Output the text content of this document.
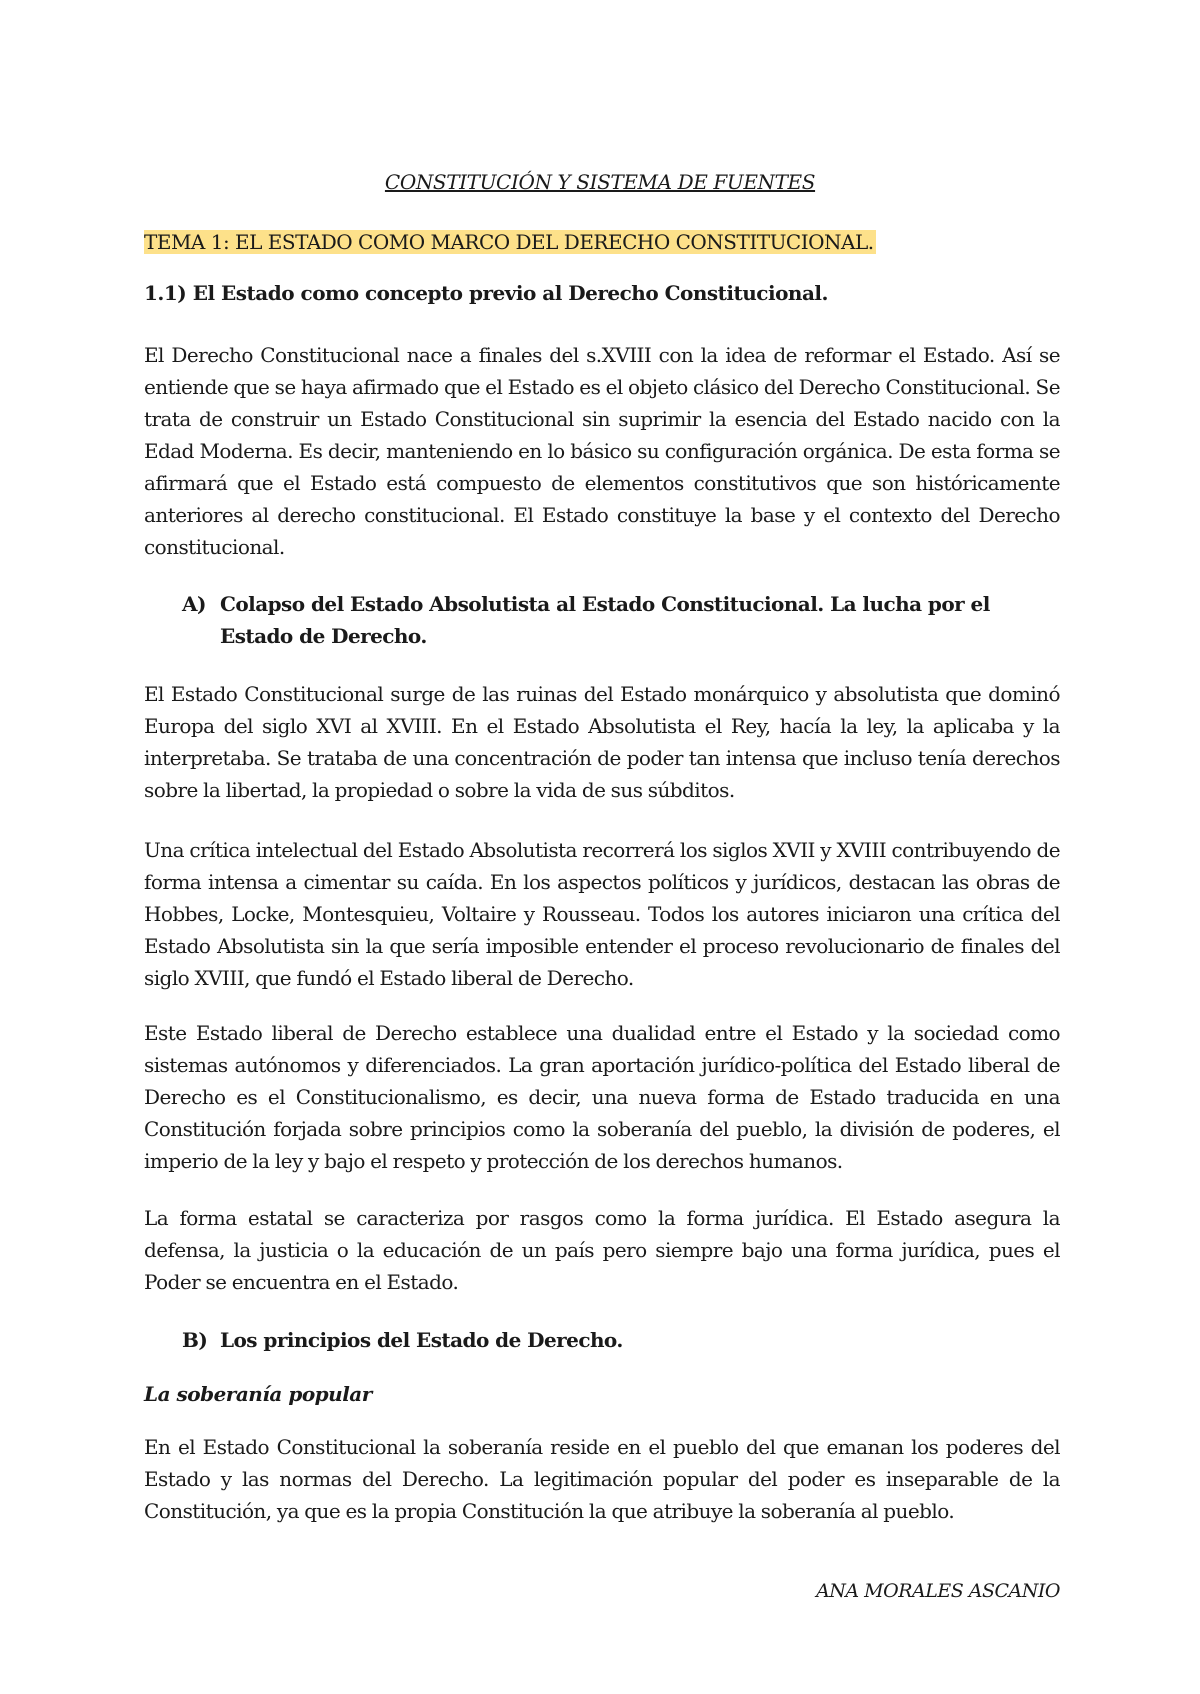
CONSTITUCIÓN Y SISTEMA DE FUENTES
TEMA 1: EL ESTADO COMO MARCO DEL DERECHO CONSTITUCIONAL.
1.1) El Estado como concepto previo al Derecho Constitucional.
El Derecho Constitucional nace a finales del s.XVIII con la idea de reformar el Estado. Así se entiende que se haya afirmado que el Estado es el objeto clásico del Derecho Constitucional. Se trata de construir un Estado Constitucional sin suprimir la esencia del Estado nacido con la Edad Moderna. Es decir, manteniendo en lo básico su configuración orgánica. De esta forma se afirmará que el Estado está compuesto de elementos constitutivos que son históricamente anteriores al derecho constitucional. El Estado constituye la base y el contexto del Derecho constitucional.
A) Colapso del Estado Absolutista al Estado Constitucional. La lucha por el Estado de Derecho.
El Estado Constitucional surge de las ruinas del Estado monárquico y absolutista que dominó Europa del siglo XVI al XVIII. En el Estado Absolutista el Rey, hacía la ley, la aplicaba y la interpretaba. Se trataba de una concentración de poder tan intensa que incluso tenía derechos sobre la libertad, la propiedad o sobre la vida de sus súbditos.
Una crítica intelectual del Estado Absolutista recorrerá los siglos XVII y XVIII contribuyendo de forma intensa a cimentar su caída. En los aspectos políticos y jurídicos, destacan las obras de Hobbes, Locke, Montesquieu, Voltaire y Rousseau. Todos los autores iniciaron una crítica del Estado Absolutista sin la que sería imposible entender el proceso revolucionario de finales del siglo XVIII, que fundó el Estado liberal de Derecho.
Este Estado liberal de Derecho establece una dualidad entre el Estado y la sociedad como sistemas autónomos y diferenciados. La gran aportación jurídico-política del Estado liberal de Derecho es el Constitucionalismo, es decir, una nueva forma de Estado traducida en una Constitución forjada sobre principios como la soberanía del pueblo, la división de poderes, el imperio de la ley y bajo el respeto y protección de los derechos humanos.
La forma estatal se caracteriza por rasgos como la forma jurídica. El Estado asegura la defensa, la justicia o la educación de un país pero siempre bajo una forma jurídica, pues el Poder se encuentra en el Estado.
B) Los principios del Estado de Derecho.
La soberanía popular
En el Estado Constitucional la soberanía reside en el pueblo del que emanan los poderes del Estado y las normas del Derecho. La legitimación popular del poder es inseparable de la Constitución, ya que es la propia Constitución la que atribuye la soberanía al pueblo.
ANA MORALES ASCANIO
